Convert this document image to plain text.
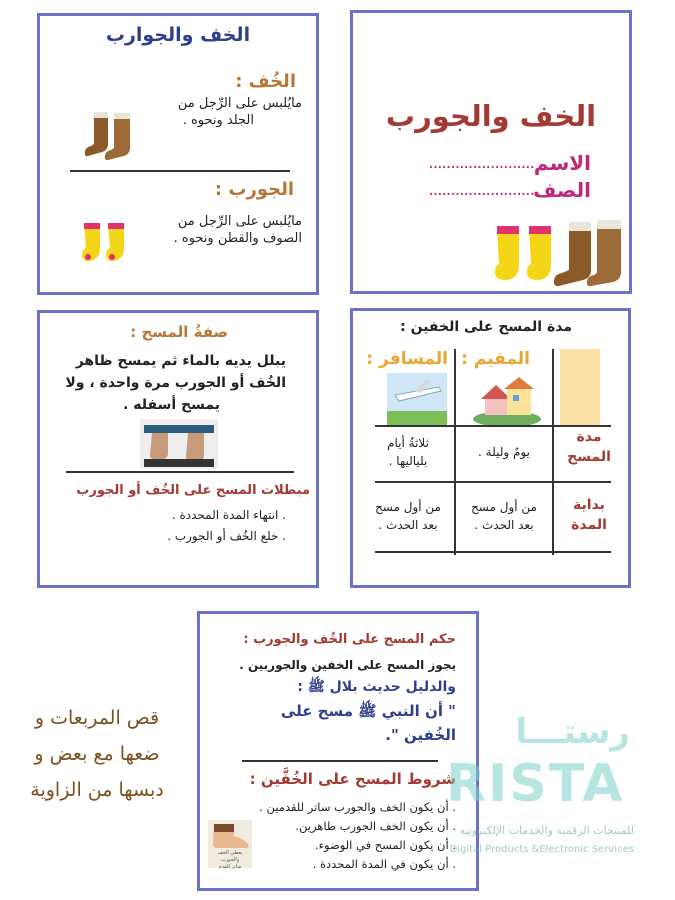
الخف والجوارب
الخُف :
مايُلبس على الرِّجل من
الجلد ونحوه .
الجورب :
مايُلبس على الرِّجل من
الصوف والقطن ونحوه .
الخف والجورب
الاسم
........................
الصف
........................
صفةُ المسح :
يبلل يديه بالماء ثم يمسح ظاهر
الخُف أو الجورب مرة واحدة ، ولا
يمسح أسفله .
مبطلات المسح على الخُف أو الجورب
. انتهاء المدة المحددة .
. خلع الخُف أو الجورب .
مدة المسح على الخفين :
المقيم :
المسافر :
مدة
المسح
يومٌ وليلة .
ثلاثةُ أيام
بلياليها .
بداية
المدة
من أول مسح
بعد الحدث .
من أول مسح
بعد الحدث .
حكم المسح على الخُف والجورب :
يجوز المسح على الخفين والجوربين .
والدليل حديث بلال ﷺ :
" أن النبي ﷺ مسح على
الخُفين ".
شروط المسح على الخُفَّين :
. أن يكون الخف والجورب ساتر للقدمين .
. أن يكون الخف الجورب طاهرين.
. أن يكون المسح في الوضوء.
. أن يكون في المدة المحددة .
يغطي الخف والجورب
ساتر للقدم
قص المربعات و
ضعها مع بعض و
دبسها من الزاوية
رستـــا
RISTA
للمنتجات الرقمية والخدمات الإلكترونية
Digital Products &Electronic Services
